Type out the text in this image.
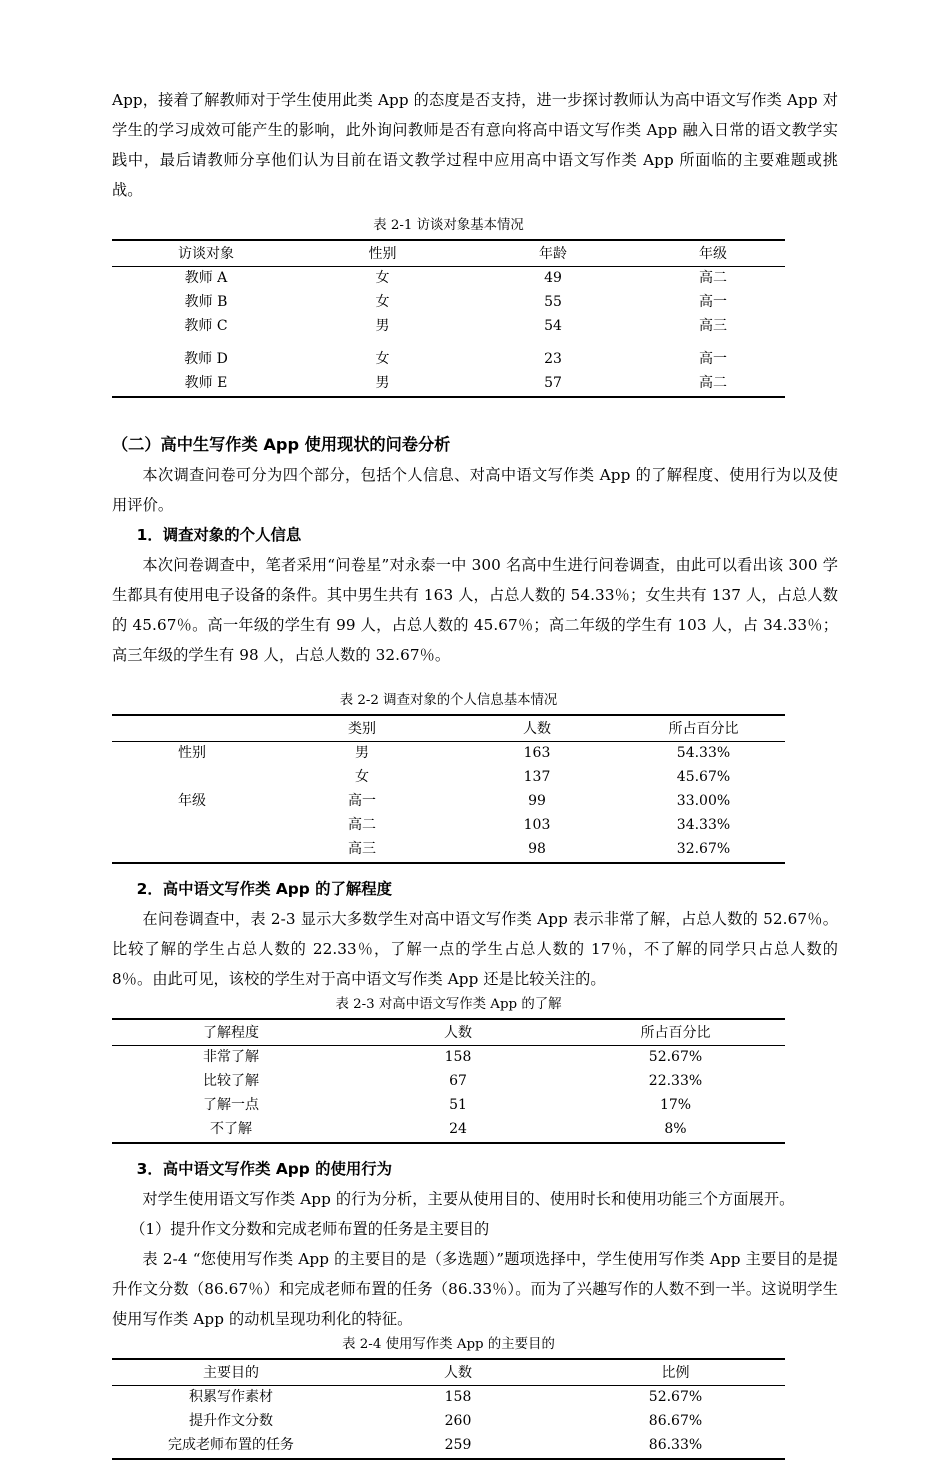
App，接着了解教师对于学生使用此类 App 的态度是否支持，进一步探讨教师认为高中语文写作类 App 对学生的学习成效可能产生的影响，此外询问教师是否有意向将高中语文写作类 App 融入日常的语文教学实践中，最后请教师分享他们认为目前在语文教学过程中应用高中语文写作类 App 所面临的主要难题或挑战。

表 2-1 访谈对象基本情况
访谈对象	性别	年龄	年级
教师 A	女	49	高二
教师 B	女	55	高一
教师 C	男	54	高三

教师 D	女	23	高一
教师 E	男	57	高二
（二）高中生写作类 App 使用现状的问卷分析

本次调查问卷可分为四个部分，包括个人信息、对高中语文写作类 App 的了解程度、使用行为以及使用评价。

1．调查对象的个人信息

本次问卷调查中，笔者采用“问卷星”对永泰一中 300 名高中生进行问卷调查，由此可以看出该 300 学生都具有使用电子设备的条件。其中男生共有 163 人，占总人数的 54.33％；女生共有 137 人，占总人数的 45.67％。高一年级的学生有 99 人，占总人数的 45.67％；高二年级的学生有 103 人，占 34.33％；高三年级的学生有 98 人，占总人数的 32.67％。

表 2-2 调查对象的个人信息基本情况
	类别	人数	所占百分比
性别	男	163	54.33%
	女	137	45.67%
年级	高一	99	33.00%
	高二	103	34.33%
	高三	98	32.67%
2．高中语文写作类 App 的了解程度

在问卷调查中，表 2-3 显示大多数学生对高中语文写作类 App 表示非常了解，占总人数的 52.67％。比较了解的学生占总人数的 22.33％，了解一点的学生占总人数的 17％，不了解的同学只占总人数的 8％。由此可见，该校的学生对于高中语文写作类 App 还是比较关注的。

表 2-3 对高中语文写作类 App 的了解
了解程度	人数	所占百分比
非常了解	158	52.67%
比较了解	67	22.33%
了解一点	51	17%
不了解	24	8%
3．高中语文写作类 App 的使用行为

对学生使用语文写作类 App 的行为分析，主要从使用目的、使用时长和使用功能三个方面展开。

（1）提升作文分数和完成老师布置的任务是主要目的

表 2-4 “您使用写作类 App 的主要目的是（多选题）”题项选择中，学生使用写作类 App 主要目的是提升作文分数（86.67％）和完成老师布置的任务（86.33％）。而为了兴趣写作的人数不到一半。这说明学生使用写作类 App 的动机呈现功利化的特征。

表 2-4 使用写作类 App 的主要目的
主要目的	人数	比例
积累写作素材	158	52.67%
提升作文分数	260	86.67%
完成老师布置的任务	259	86.33%
